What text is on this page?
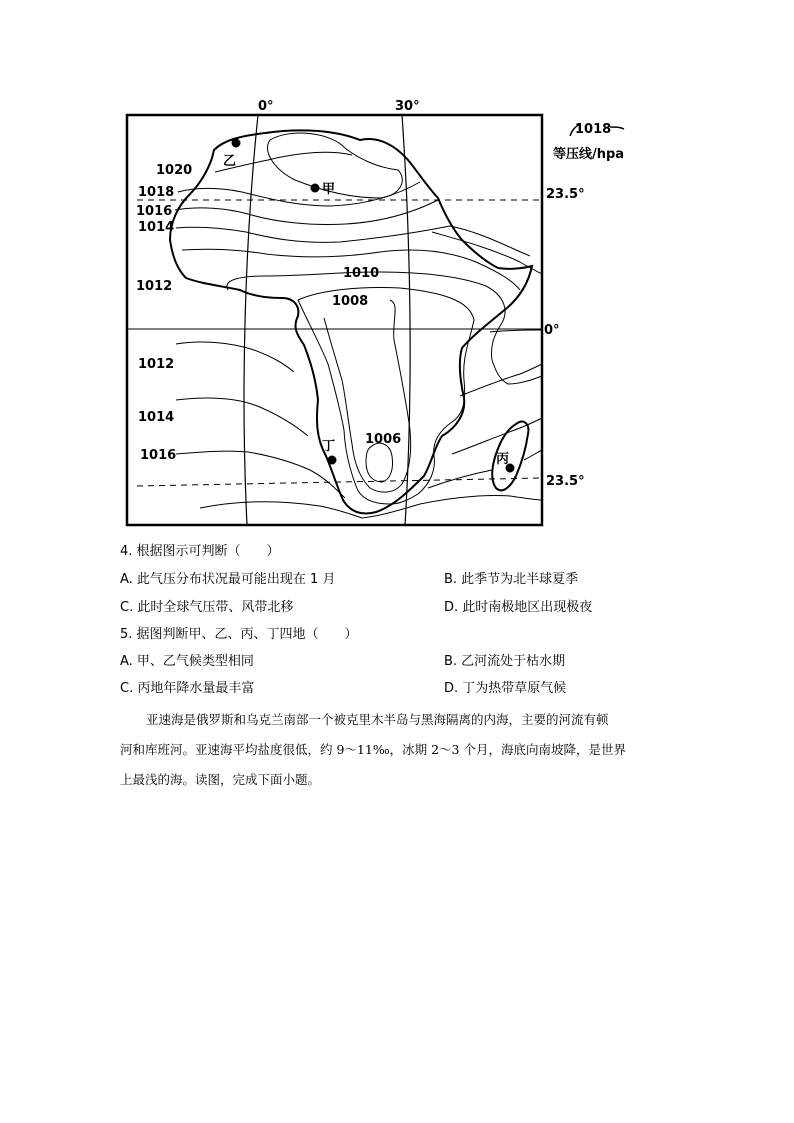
1018
等压线/hpa
0°	30°
23.5°
0°
23.5°
1020
1018
1016
1014
1012
1010
1008
1012
1014
1016
1006
乙
甲
丁
丙
4. 根据图示可判断（　　）
A. 此气压分布状况最可能出现在 1 月	B. 此季节为北半球夏季
C. 此时全球气压带、风带北移	D. 此时南极地区出现极夜
5. 据图判断甲、乙、丙、丁四地（　　）
A. 甲、乙气候类型相同	B. 乙河流处于枯水期
C. 丙地年降水量最丰富	D. 丁为热带草原气候
亚速海是俄罗斯和乌克兰南部一个被克里木半岛与黑海隔离的内海，主要的河流有顿
河和库班河。亚速海平均盐度很低，约 9～11‰，冰期 2～3 个月，海底向南坡降，是世界
上最浅的海。读图，完成下面小题。
